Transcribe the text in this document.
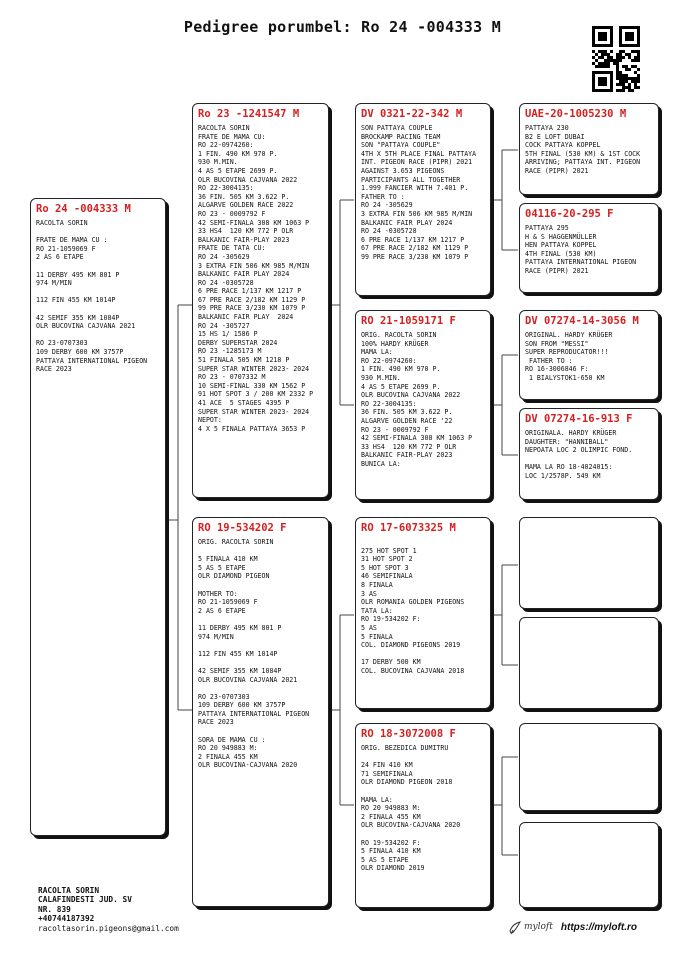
Pedigree porumbel: Ro 24 -004333 M
Ro 24 -004333 M
RACOLTA SORIN

FRATE DE MAMA CU :
RO 21-1059069 F
2 AS 6 ETAPE

11 DERBY 495 KM 801 P
974 M/MIN

112 FIN 455 KM 1014P

42 SEMIF 355 KM 1084P
OLR BUCOVINA CAJVANA 2021

RO 23-0707303
109 DERBY 600 KM 3757P
PATTAYA INTERNATIONAL PIGEON
RACE 2023
Ro 23 -1241547 M
RACOLTA SORIN
FRATE DE MAMA CU:
RO 22-0974260:
1 FIN. 490 KM 970 P.
930 M.MIN.
4 AS 5 ETAPE 2699 P.
OLR BUCOVINA CAJVANA 2022
RO 22-3004135:
36 FIN. 505 KM 3.622 P.
ALGARVE GOLDEN RACE 2022
RO 23 - 0009792 F
42 SEMI-FINALA 308 KM 1063 P
33 HS4  120 KM 772 P OLR
BALKANIC FAIR-PLAY 2023
FRATE DE TATA CU:
RO 24 -305629
3 EXTRA FIN 506 KM 985 M/MIN
BALKANIC FAIR PLAY 2024
RO 24 -0305728
6 PRE RACE 1/137 KM 1217 P
67 PRE RACE 2/182 KM 1129 P
99 PRE RACE 3/230 KM 1079 P
BALKANIC FAIR PLAY  2024
RO 24 -305727
15 HS 1/ 1586 P
DERBY SUPERSTAR 2024
RO 23 -1285173 M
51 FINALA 505 KM 1218 P
SUPER STAR WINTER 2023- 2024
RO 23 - 0707332 M
10 SEMI-FINAL 330 KM 1562 P
91 HOT SPOT 3 / 200 KM 2332 P
41 ACE  5 STAGES 4395 P
SUPER STAR WINTER 2023- 2024
NEPOT:
4 X 5 FINALA PATTAYA 3653 P
RO 19-534202 F
ORIG. RACOLTA SORIN

5 FINALA 410 KM
5 AS 5 ETAPE
OLR DIAMOND PIGEON

MOTHER TO:
RO 21-1059069 F
2 AS 6 ETAPE

11 DERBY 495 KM 801 P
974 M/MIN

112 FIN 455 KM 1014P

42 SEMIF 355 KM 1084P
OLR BUCOVINA CAJVANA 2021

RO 23-0707303
109 DERBY 600 KM 3757P
PATTAYA INTERNATIONAL PIGEON
RACE 2023

SORA DE MAMA CU :
RO 20 949883 M:
2 FINALA 455 KM
OLR BUCOVINA-CAJVANA 2020
DV 0321-22-342 M
SON PATTAYA COUPLE
BROCKAMP RACING TEAM
SON "PATTAYA COUPLE"
4TH X 5TH PLACE FINAL PATTAYA
INT. PIGEON RACE (PIPR) 2021
AGAINST 3.653 PIGEONS
PARTICIPANTS ALL TOGETHER
1.999 FANCIER WITH 7.401 P.
FATHER TO :
RO 24 -305629
3 EXTRA FIN 506 KM 985 M/MIN
BALKANIC FAIR PLAY 2024
RO 24 -0305728
6 PRE RACE 1/137 KM 1217 P
67 PRE RACE 2/182 KM 1129 P
99 PRE RACE 3/230 KM 1079 P
RO 21-1059171 F
ORIG. RACOLTA SORIN
100% HARDY KRÜGER
MAMA LA:
RO 22-0974260:
1 FIN. 490 KM 970 P.
930 M.MIN.
4 AS 5 ETAPE 2699 P.
OLR BUCOVINA CAJVANA 2022
RO 22-3004135:
36 FIN. 505 KM 3.622 P.
ALGARVE GOLDEN RACE '22
RO 23 - 0009792 F
42 SEMI-FINALA 308 KM 1063 P
33 HS4  120 KM 772 P OLR
BALKANIC FAIR-PLAY 2023
BUNICA LA:
RO 17-6073325 M

275 HOT SPOT 1
31 HOT SPOT 2
5 HOT SPOT 3
46 SEMIFINALA
8 FINALA
3 AS
OLR ROMANIA GOLDEN PIGEONS
TATA LA:
RO 19-534202 F:
5 AS
5 FINALA
COL. DIAMOND PIGEONS 2019

17 DERBY 500 KM
COL. BUCOVINA CAJVANA 2018
RO 18-3072008 F
ORIG. BEZEDICA DUMITRU

24 FIN 410 KM
71 SEMIFINALA
OLR DIAMOND PIGEON 2018

MAMA LA:
RO 20 949883 M:
2 FINALA 455 KM
OLR BUCOVINA-CAJVANA 2020

RO 19-534202 F:
5 FINALA 410 KM
5 AS 5 ETAPE
OLR DIAMOND 2019
UAE-20-1005230 M
PATTAYA 230
B2 E LOFT DUBAI
COCK PATTAYA KOPPEL
5TH FINAL (530 KM) & 1ST COCK
ARRIVING; PATTAYA INT. PIGEON
RACE (PIPR) 2021
04116-20-295 F
PATTAYA 295
H & S HAGGENMÜLLER
HEN PATTAYA KOPPEL
4TH FINAL (530 KM)
PATTAYA INTERNATIONAL PIGEON
RACE (PIPR) 2021
DV 07274-14-3056 M
ORIGINAL. HARDY KRÜGER
SON FROM "MESSI"
SUPER REPRODUCATOR!!!
FATHER TO :
RO 16-3006846 F:
1 BIALYSTOK1-650 KM
DV 07274-16-913 F
ORIGINALA. HARDY KRÜGER
DAUGHTER: "HANNIBALL"
NEPOATA LOC 2 OLIMPIC FOND.

MAMA LA RO 18-4024015:
LOC 1/2578P. 549 KM
RACOLTA SORIN
CALAFINDESTI JUD. SV
NR. 839
+40744187392
racoltasorin.pigeons@gmail.com	myloft https://myloft.ro
